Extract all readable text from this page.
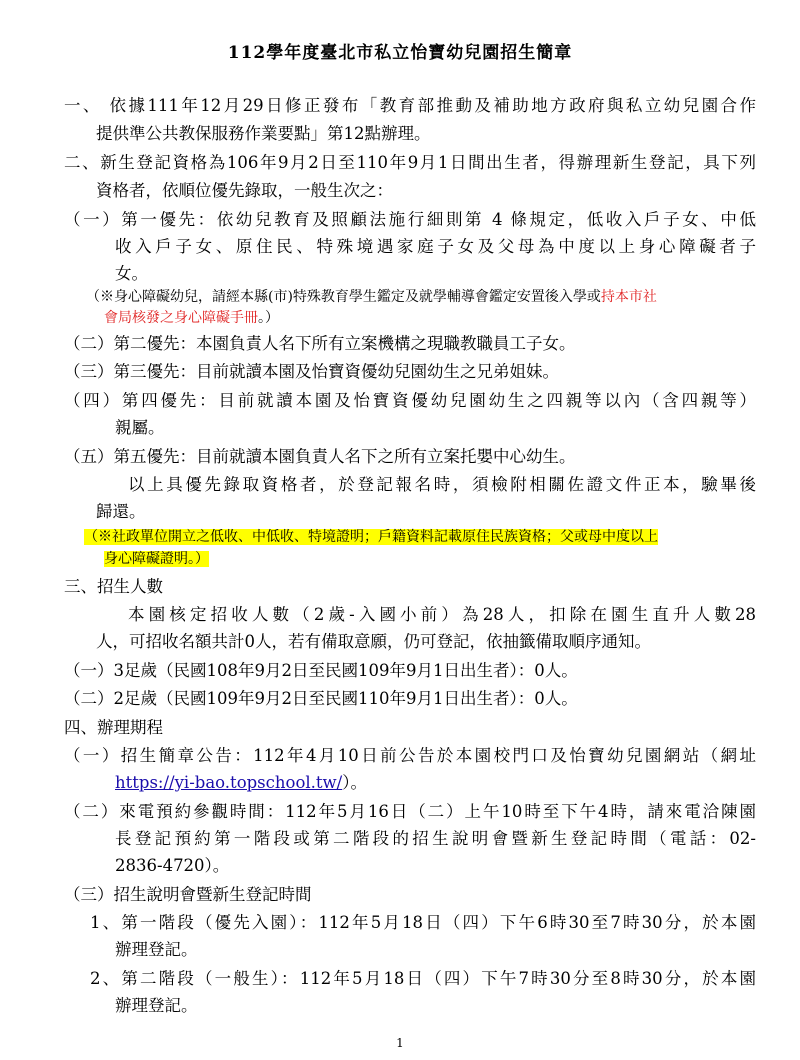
112學年度臺北市私立怡寶幼兒園招生簡章
一、 依據111年12月29日修正發布「教育部推動及補助地方政府與私立幼兒園合作
提供準公共教保服務作業要點」第12點辦理。
二、新生登記資格為106年9月2日至110年9月1日間出生者，得辦理新生登記，具下列
資格者，依順位優先錄取，一般生次之：
（一）第一優先：依幼兒教育及照顧法施行細則第 4 條規定，低收入戶子女、中低
收入戶子女、原住民、特殊境遇家庭子女及父母為中度以上身心障礙者子
女。
（※身心障礙幼兒，請經本縣(市)特殊教育學生鑑定及就學輔導會鑑定安置後入學或持本市社
會局核發之身心障礙手冊。）
（二）第二優先：本園負責人名下所有立案機構之現職教職員工子女。
（三）第三優先：目前就讀本園及怡寶資優幼兒園幼生之兄弟姐妹。
（四）第四優先：目前就讀本園及怡寶資優幼兒園幼生之四親等以內（含四親等）
親屬。
（五）第五優先：目前就讀本園負責人名下之所有立案托嬰中心幼生。
以上具優先錄取資格者，於登記報名時，須檢附相關佐證文件正本，驗畢後
歸還。
（※社政單位開立之低收、中低收、特境證明；戶籍資料記載原住民族資格；父或母中度以上
身心障礙證明。）
三、招生人數
本園核定招收人數（2歲-入國小前）為28人，扣除在園生直升人數28
人，可招收名額共計0人，若有備取意願，仍可登記，依抽籤備取順序通知。
（一）3足歲（民國108年9月2日至民國109年9月1日出生者）：0人。
（二）2足歲（民國109年9月2日至民國110年9月1日出生者）：0人。
四、辦理期程
（一）招生簡章公告：112年4月10日前公告於本園校門口及怡寶幼兒園網站（網址
https://yi-bao.topschool.tw/）。
（二）來電預約參觀時間：112年5月16日（二）上午10時至下午4時，請來電洽陳園
長登記預約第一階段或第二階段的招生說明會暨新生登記時間（電話：02-
2836-4720）。
（三）招生說明會暨新生登記時間
1、第一階段（優先入園）：112年5月18日（四）下午6時30至7時30分，於本園
辦理登記。
2、第二階段（一般生）：112年5月18日（四）下午7時30分至8時30分，於本園
辦理登記。
1
